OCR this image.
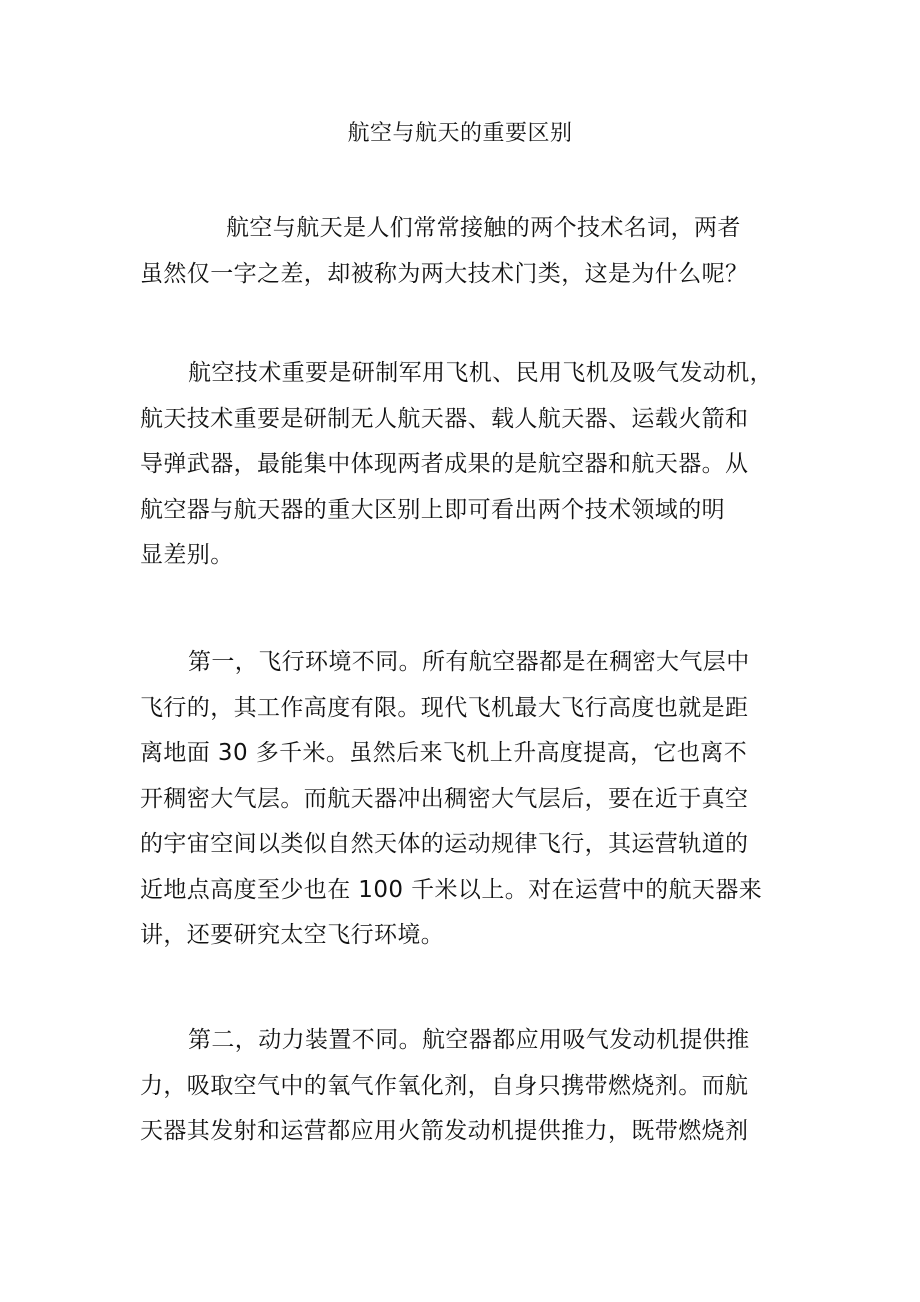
航空与航天的重要区别
航空与航天是人们常常接触的两个技术名词，两者
虽然仅一字之差，却被称为两大技术门类，这是为什么呢？
航空技术重要是研制军用飞机、民用飞机及吸气发动机，
航天技术重要是研制无人航天器、载人航天器、运载火箭和
导弹武器，最能集中体现两者成果的是航空器和航天器。从
航空器与航天器的重大区别上即可看出两个技术领域的明
显差别。
第一，飞行环境不同。所有航空器都是在稠密大气层中
飞行的，其工作高度有限。现代飞机最大飞行高度也就是距
离地面 30 多千米。虽然后来飞机上升高度提高，它也离不
开稠密大气层。而航天器冲出稠密大气层后，要在近于真空
的宇宙空间以类似自然天体的运动规律飞行，其运营轨道的
近地点高度至少也在 100 千米以上。对在运营中的航天器来
讲，还要研究太空飞行环境。
第二，动力装置不同。航空器都应用吸气发动机提供推
力，吸取空气中的氧气作氧化剂，自身只携带燃烧剂。而航
天器其发射和运营都应用火箭发动机提供推力，既带燃烧剂
